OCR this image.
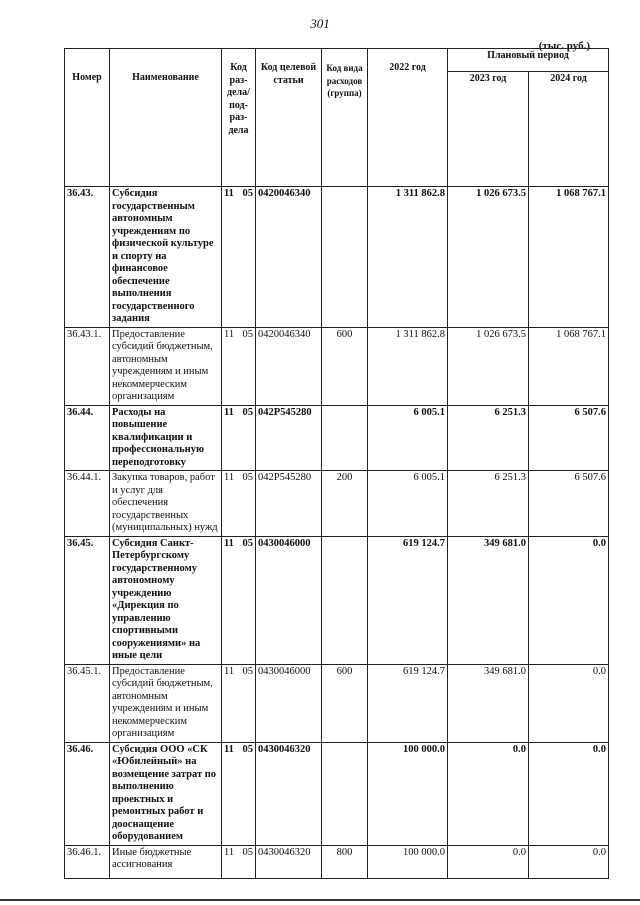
301
(тыс. руб.)
Номер	Наименование	Код раз- дела/ под- раз- дела	Код целевой статьи	Код вида расходов (группа)	2022 год	Плановый период	
						2023 год	2024 год
36.43.	Субсидия государственным автономным учреждениям по физической культуре и спорту на финансовое обеспечение выполнения государственного задания	11 05	0420046340		1 311 862.8	1 026 673.5	1 068 767.1
36.43.1.	Предоставление субсидий бюджетным, автономным учреждениям и иным некоммерческим организациям	11 05	0420046340	600	1 311 862.8	1 026 673.5	1 068 767.1
36.44.	Расходы на повышение квалификации и профессиональную переподготовку	11 05	042P545280		6 005.1	6 251.3	6 507.6
36.44.1.	Закупка товаров, работ и услуг для обеспечения государственных (муниципальных) нужд	11 05	042P545280	200	6 005.1	6 251.3	6 507.6
36.45.	Субсидия Санкт-Петербургскому государственному автономному учреждению «Дирекция по управлению спортивными сооружениями» на иные цели	11 05	0430046000		619 124.7	349 681.0	0.0
36.45.1.	Предоставление субсидий бюджетным, автономным учреждениям и иным некоммерческим организациям	11 05	0430046000	600	619 124.7	349 681.0	0.0
36.46.	Субсидия ООО «СК «Юбилейный» на возмещение затрат по выполнению проектных и ремонтных работ и дооснащение оборудованием	11 05	0430046320		100 000.0	0.0	0.0
36.46.1.	Иные бюджетные ассигнования	11 05	0430046320	800	100 000.0	0.0	0.0
